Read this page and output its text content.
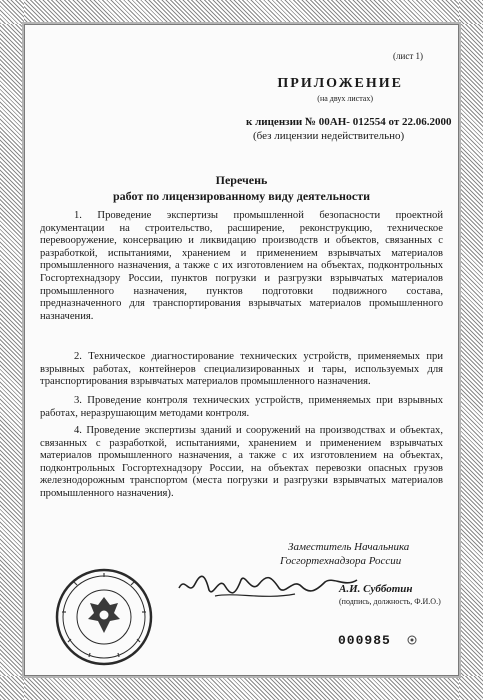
(лист 1)
ПРИЛОЖЕНИЕ
(на двух листах)
к лицензии № 00АН- 012554 от 22.06.2000
(без лицензии недействительно)
Перечень
работ по лицензированному виду деятельности
1. Проведение экспертизы промышленной безопасности проектной документации на строительство, расширение, реконструкцию, техническое перевооружение, консервацию и ликвидацию производств и объектов, связанных с разработкой, испытаниями, хранением и применением взрывчатых материалов промышленного назначения, а также с их изготовлением на объектах, подконтрольных Госгортехнадзору России, пунктов погрузки и разгрузки взрывчатых материалов промышленного назначения, пунктов подготовки подвижного состава, предназначенного для транспортирования взрывчатых материалов промышленного назначения.
2. Техническое диагностирование технических устройств, применяемых при взрывных работах, контейнеров специализированных и тары, используемых для транспортирования взрывчатых материалов промышленного назначения.
3. Проведение контроля технических устройств, применяемых при взрывных работах, неразрушающим методами контроля.
4. Проведение экспертизы зданий и сооружений на производствах и объектах, связанных с разработкой, испытаниями, хранением и применением взрывчатых материалов промышленного назначения, а также с их изготовлением на объектах, подконтрольных Госгортехнадзору России, на объектах перевозки опасных грузов железнодорожным транспортом (места погрузки и разгрузки взрывчатых материалов промышленного назначения).
Заместитель Начальника
Госгортехнадзора России
А.И. Субботин
(подпись, должность, Ф.И.О.)
000985
